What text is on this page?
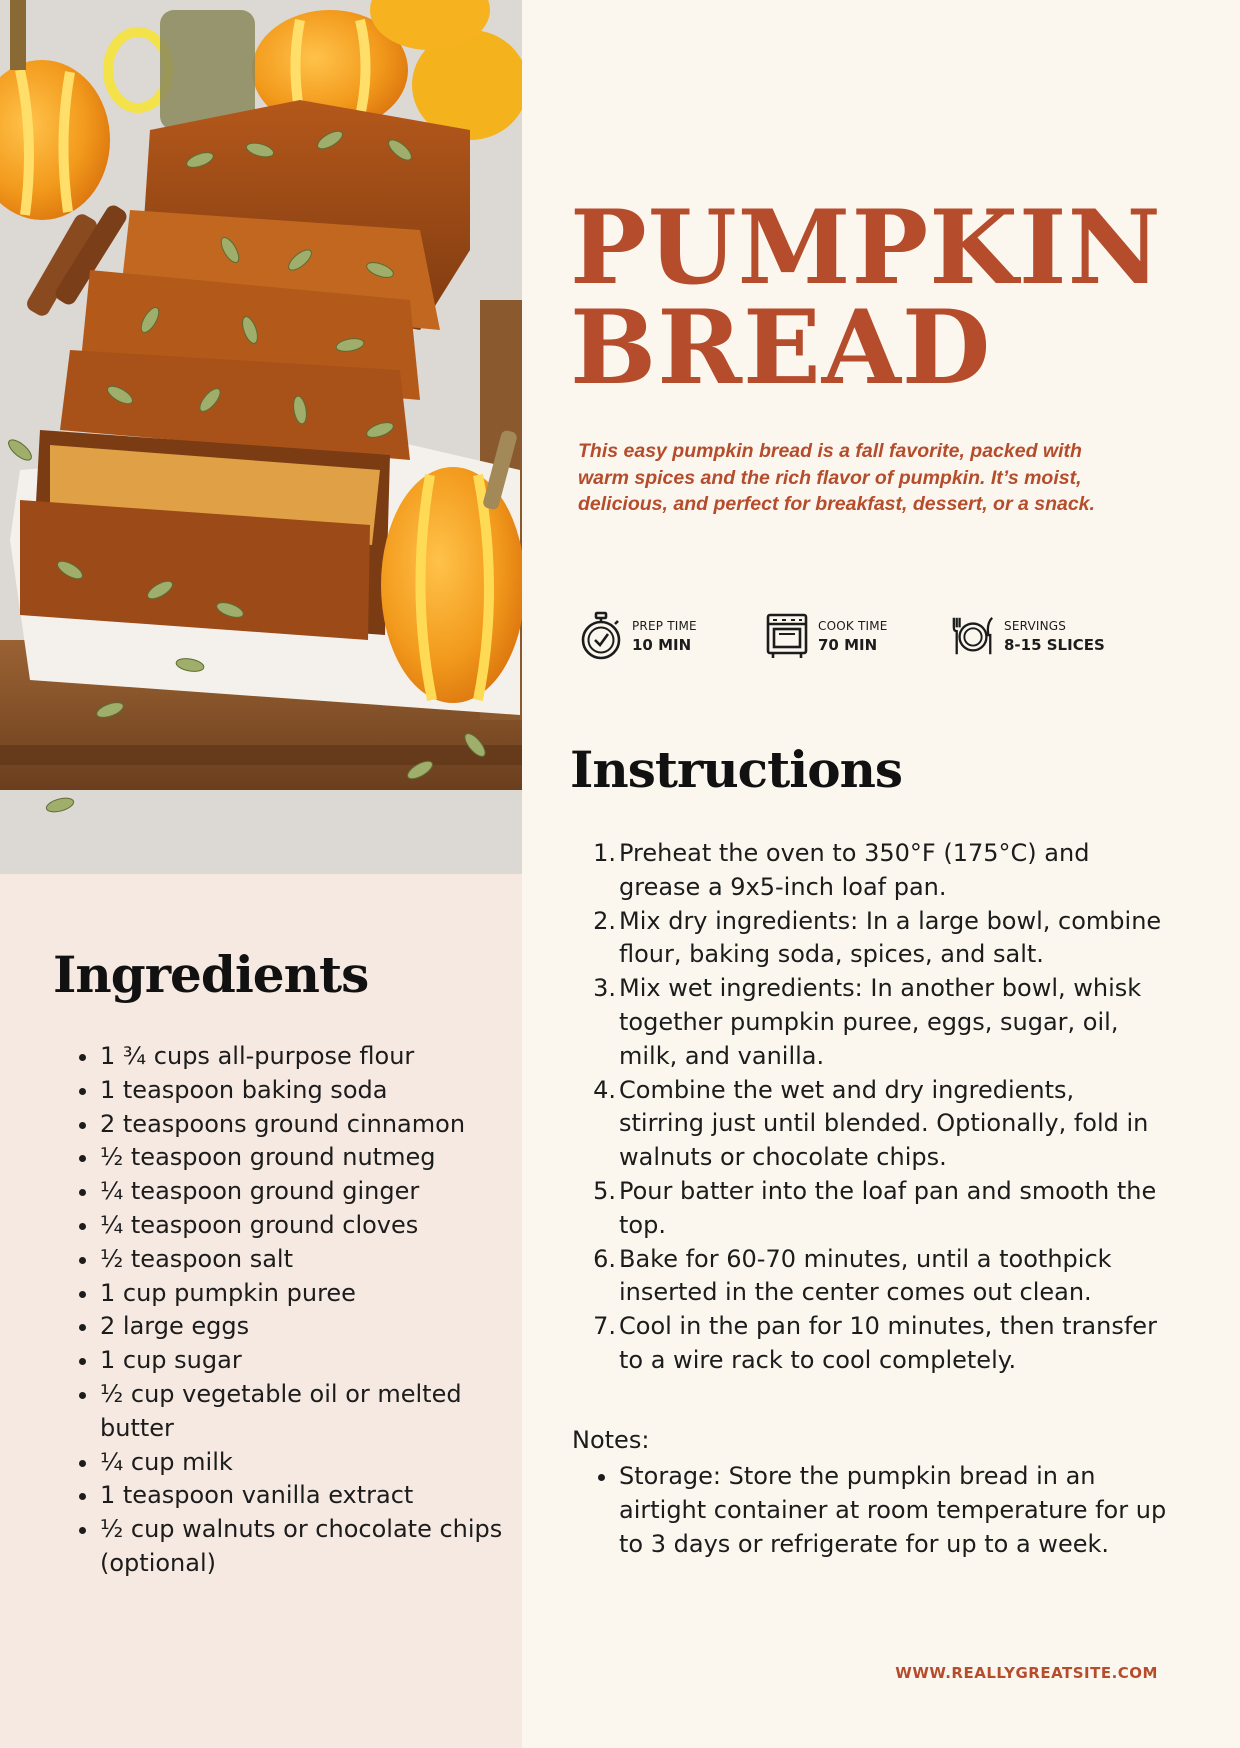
Ingredients
• 1 ¾ cups all-purpose flour
• 1 teaspoon baking soda
• 2 teaspoons ground cinnamon
• ½ teaspoon ground nutmeg
• ¼ teaspoon ground ginger
• ¼ teaspoon ground cloves
• ½ teaspoon salt
• 1 cup pumpkin puree
• 2 large eggs
• 1 cup sugar
• ½ cup vegetable oil or melted butter
• ¼ cup milk
• 1 teaspoon vanilla extract
• ½ cup walnuts or chocolate chips (optional)
PUMPKIN
BREAD

This easy pumpkin bread is a fall favorite, packed with warm spices and the rich flavor of pumpkin. It’s moist, delicious, and perfect for breakfast, dessert, or a snack.

PREP TIME
10 MIN
COOK TIME
70 MIN
SERVINGS
8-15 SLICES
Instructions
1. Preheat the oven to 350°F (175°C) and grease a 9x5-inch loaf pan.
2. Mix dry ingredients: In a large bowl, combine flour, baking soda, spices, and salt.
3. Mix wet ingredients: In another bowl, whisk together pumpkin puree, eggs, sugar, oil, milk, and vanilla.
4. Combine the wet and dry ingredients, stirring just until blended. Optionally, fold in walnuts or chocolate chips.
5. Pour batter into the loaf pan and smooth the top.
6. Bake for 60-70 minutes, until a toothpick inserted in the center comes out clean.
7. Cool in the pan for 10 minutes, then transfer to a wire rack to cool completely.

Notes:

• Storage: Store the pumpkin bread in an airtight container at room temperature for up to 3 days or refrigerate for up to a week.

WWW.REALLYGREATSITE.COM
